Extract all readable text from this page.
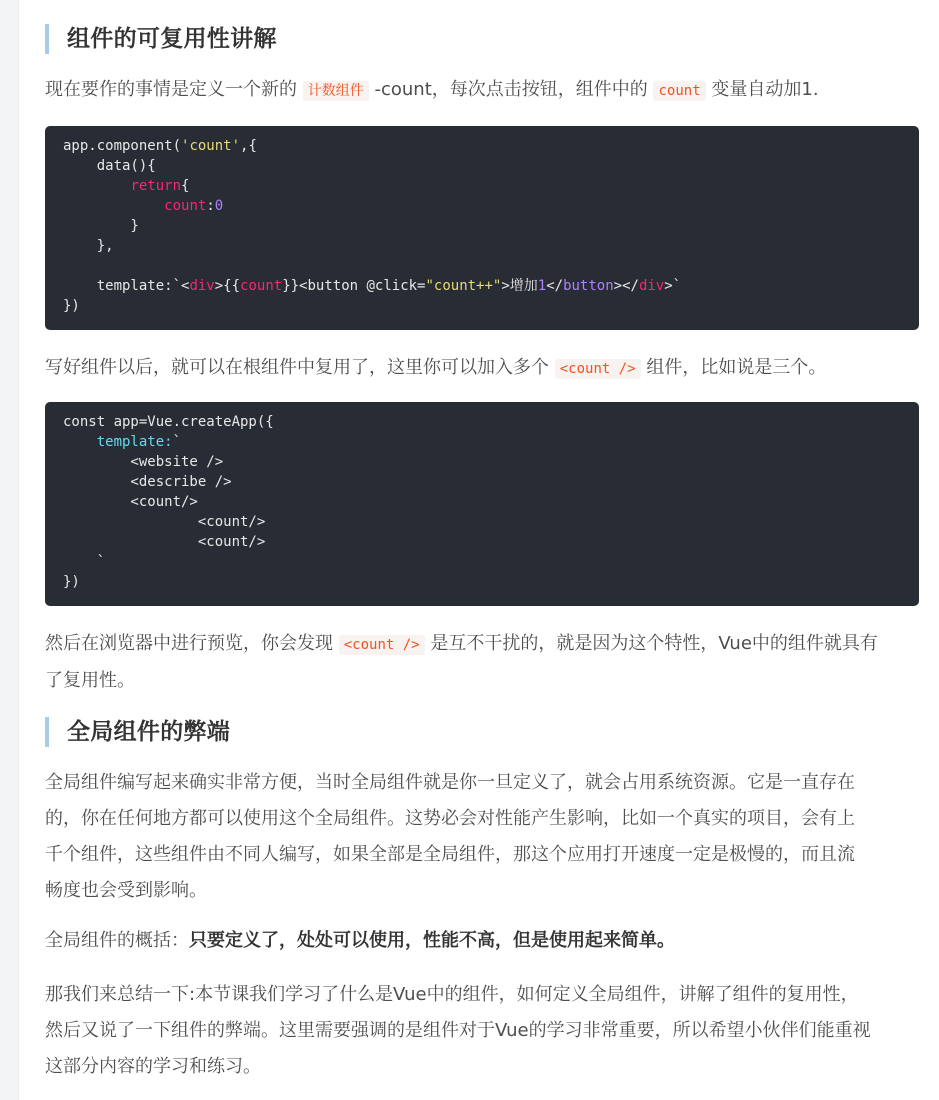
组件的可复用性讲解

现在要作的事情是定义一个新的 计数组件 -count，每次点击按钮，组件中的 count 变量自动加1.

app.component('count',{
data(){
return{
count:0
}
},
template:`<div>{{count}}<button @click="count++">增加1</button></div>`
})

写好组件以后，就可以在根组件中复用了，这里你可以加入多个 <count /> 组件，比如说是三个。

const app=Vue.createApp({
template:`
<website />
<describe />
<count/>
<count/>
<count/>
`
})

然后在浏览器中进行预览，你会发现 <count /> 是互不干扰的，就是因为这个特性，Vue中的组件就具有
了复用性。

全局组件的弊端

全局组件编写起来确实非常方便，当时全局组件就是你一旦定义了，就会占用系统资源。它是一直存在
的，你在任何地方都可以使用这个全局组件。这势必会对性能产生影响，比如一个真实的项目，会有上
千个组件，这些组件由不同人编写，如果全部是全局组件，那这个应用打开速度一定是极慢的，而且流
畅度也会受到影响。

全局组件的概括：只要定义了，处处可以使用，性能不高，但是使用起来简单。

那我们来总结一下:本节课我们学习了什么是Vue中的组件，如何定义全局组件，讲解了组件的复用性，
然后又说了一下组件的弊端。这里需要强调的是组件对于Vue的学习非常重要，所以希望小伙伴们能重视
这部分内容的学习和练习。
